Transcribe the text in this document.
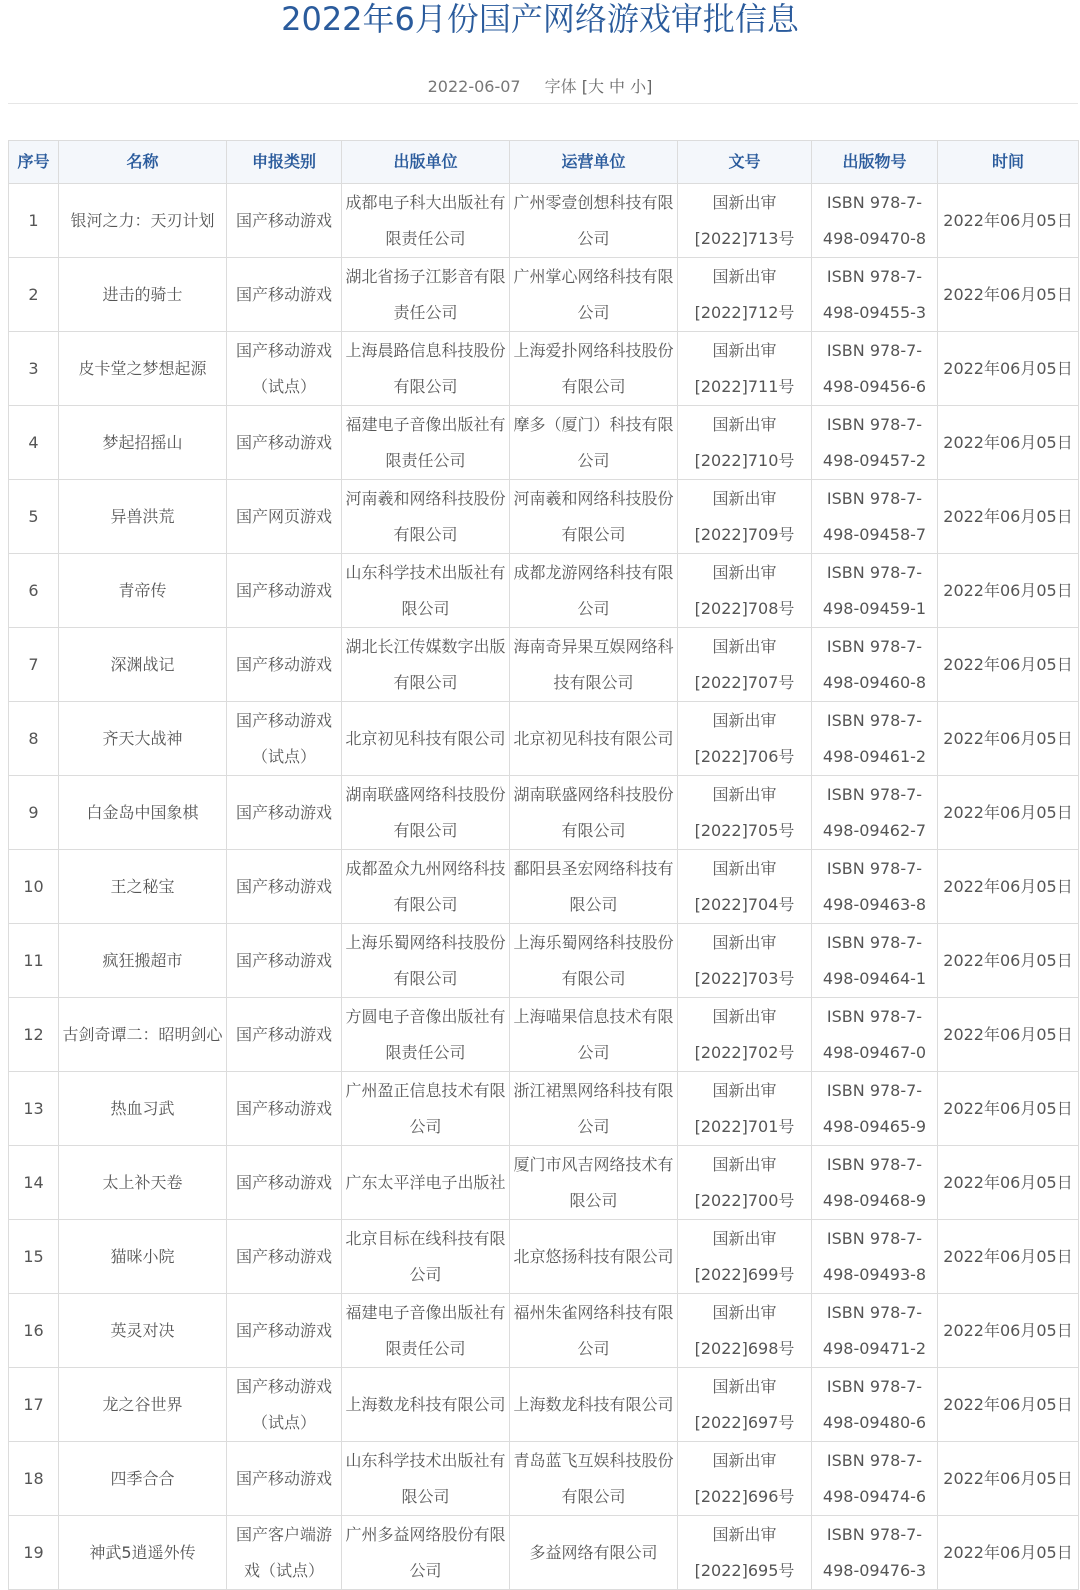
2022年6月份国产网络游戏审批信息
2022-06-07 字体 [大 中 小]
序号	名称	申报类别	出版单位	运营单位	文号	出版物号	时间
1	银河之力：天刃计划	国产移动游戏	成都电子科大出版社有限责任公司	广州零壹创想科技有限公司	国新出审[2022]713号	ISBN 978-7-498-09470-8	2022年06月05日
2	进击的骑士	国产移动游戏	湖北省扬子江影音有限责任公司	广州掌心网络科技有限公司	国新出审[2022]712号	ISBN 978-7-498-09455-3	2022年06月05日
3	皮卡堂之梦想起源	国产移动游戏（试点）	上海晨路信息科技股份有限公司	上海爱扑网络科技股份有限公司	国新出审[2022]711号	ISBN 978-7-498-09456-6	2022年06月05日
4	梦起招摇山	国产移动游戏	福建电子音像出版社有限责任公司	摩多（厦门）科技有限公司	国新出审[2022]710号	ISBN 978-7-498-09457-2	2022年06月05日
5	异兽洪荒	国产网页游戏	河南羲和网络科技股份有限公司	河南羲和网络科技股份有限公司	国新出审[2022]709号	ISBN 978-7-498-09458-7	2022年06月05日
6	青帝传	国产移动游戏	山东科学技术出版社有限公司	成都龙游网络科技有限公司	国新出审[2022]708号	ISBN 978-7-498-09459-1	2022年06月05日
7	深渊战记	国产移动游戏	湖北长江传媒数字出版有限公司	海南奇异果互娱网络科技有限公司	国新出审[2022]707号	ISBN 978-7-498-09460-8	2022年06月05日
8	齐天大战神	国产移动游戏（试点）	北京初见科技有限公司	北京初见科技有限公司	国新出审[2022]706号	ISBN 978-7-498-09461-2	2022年06月05日
9	白金岛中国象棋	国产移动游戏	湖南联盛网络科技股份有限公司	湖南联盛网络科技股份有限公司	国新出审[2022]705号	ISBN 978-7-498-09462-7	2022年06月05日
10	王之秘宝	国产移动游戏	成都盈众九州网络科技有限公司	鄱阳县圣宏网络科技有限公司	国新出审[2022]704号	ISBN 978-7-498-09463-8	2022年06月05日
11	疯狂搬超市	国产移动游戏	上海乐蜀网络科技股份有限公司	上海乐蜀网络科技股份有限公司	国新出审[2022]703号	ISBN 978-7-498-09464-1	2022年06月05日
12	古剑奇谭二：昭明剑心	国产移动游戏	方圆电子音像出版社有限责任公司	上海喵果信息技术有限公司	国新出审[2022]702号	ISBN 978-7-498-09467-0	2022年06月05日
13	热血习武	国产移动游戏	广州盈正信息技术有限公司	浙江裙黑网络科技有限公司	国新出审[2022]701号	ISBN 978-7-498-09465-9	2022年06月05日
14	太上补天卷	国产移动游戏	广东太平洋电子出版社	厦门市风吉网络技术有限公司	国新出审[2022]700号	ISBN 978-7-498-09468-9	2022年06月05日
15	猫咪小院	国产移动游戏	北京目标在线科技有限公司	北京悠扬科技有限公司	国新出审[2022]699号	ISBN 978-7-498-09493-8	2022年06月05日
16	英灵对决	国产移动游戏	福建电子音像出版社有限责任公司	福州朱雀网络科技有限公司	国新出审[2022]698号	ISBN 978-7-498-09471-2	2022年06月05日
17	龙之谷世界	国产移动游戏（试点）	上海数龙科技有限公司	上海数龙科技有限公司	国新出审[2022]697号	ISBN 978-7-498-09480-6	2022年06月05日
18	四季合合	国产移动游戏	山东科学技术出版社有限公司	青岛蓝飞互娱科技股份有限公司	国新出审[2022]696号	ISBN 978-7-498-09474-6	2022年06月05日
19	神武5逍遥外传	国产客户端游戏（试点）	广州多益网络股份有限公司	多益网络有限公司	国新出审[2022]695号	ISBN 978-7-498-09476-3	2022年06月05日
